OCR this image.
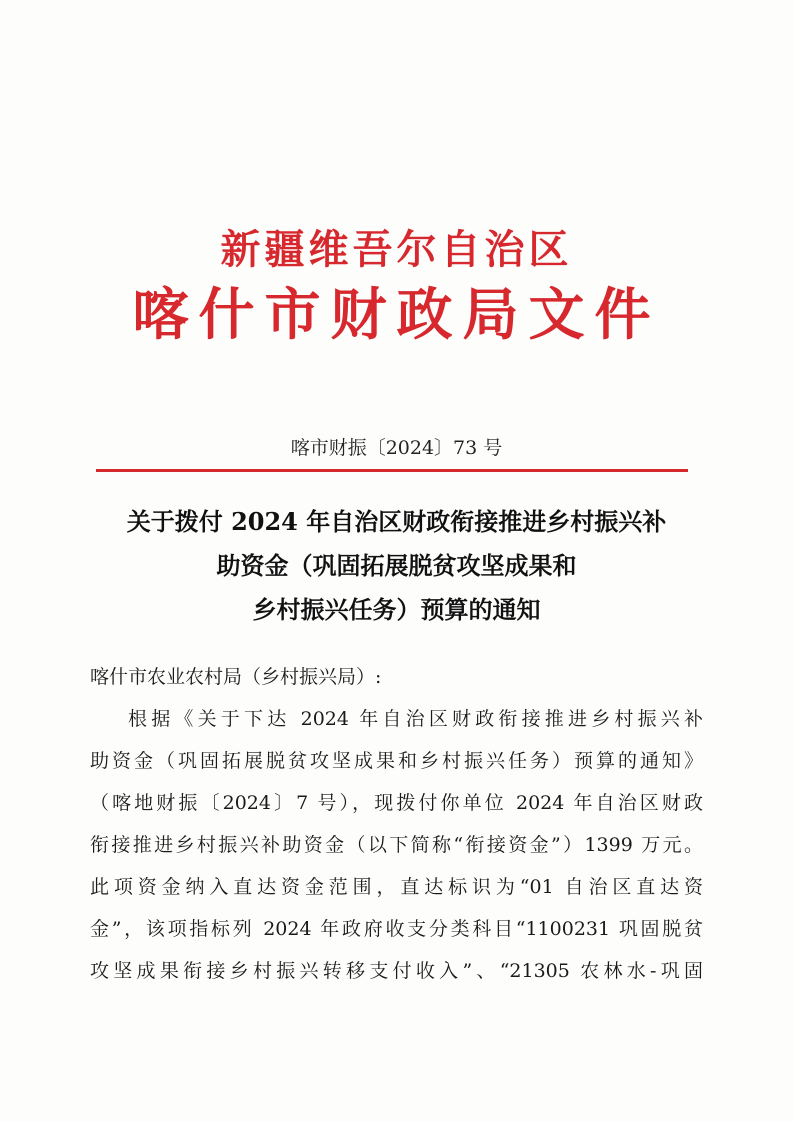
新疆维吾尔自治区
喀什市财政局文件
喀市财振〔2024〕73 号
关于拨付 2024 年自治区财政衔接推进乡村振兴补
助资金（巩固拓展脱贫攻坚成果和
乡村振兴任务）预算的通知
喀什市农业农村局（乡村振兴局）:
根据《关于下达 2024 年自治区财政衔接推进乡村振兴补
助资金（巩固拓展脱贫攻坚成果和乡村振兴任务）预算的通知》
（喀地财振〔2024〕7 号），现拨付你单位 2024 年自治区财政
衔接推进乡村振兴补助资金（以下简称“衔接资金”）1399 万元。
此项资金纳入直达资金范围，直达标识为“01 自治区直达资
金”，该项指标列 2024 年政府收支分类科目“1100231 巩固脱贫
攻坚成果衔接乡村振兴转移支付收入”、“21305 农林水-巩固
